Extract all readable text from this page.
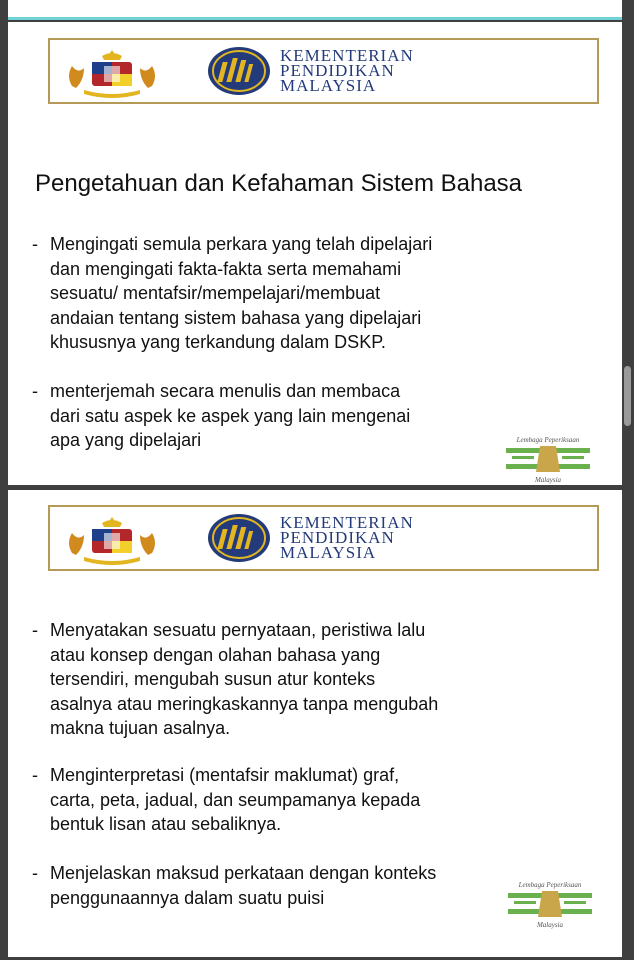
KEMENTERIAN
PENDIDIKAN
MALAYSIA
Pengetahuan dan Kefahaman Sistem Bahasa
- Mengingati semula perkara yang telah dipelajari
dan mengingati fakta-fakta serta memahami
sesuatu/ mentafsir/mempelajari/membuat
andaian tentang sistem bahasa yang dipelajari
khususnya yang terkandung dalam DSKP.
- menterjemah secara menulis dan membaca
dari satu aspek ke aspek yang lain mengenai
apa yang dipelajari	Lembaga Peperiksaan
Malaysia
KEMENTERIAN
PENDIDIKAN
MALAYSIA
- Menyatakan sesuatu pernyataan, peristiwa lalu
atau konsep dengan olahan bahasa yang
tersendiri, mengubah susun atur konteks
asalnya atau meringkaskannya tanpa mengubah
makna tujuan asalnya.
- Menginterpretasi (mentafsir maklumat) graf,
carta, peta, jadual, dan seumpamanya kepada
bentuk lisan atau sebaliknya.
- Menjelaskan maksud perkataan dengan konteks
penggunaannya dalam suatu puisi
Lembaga Peperiksaan
Malaysia
